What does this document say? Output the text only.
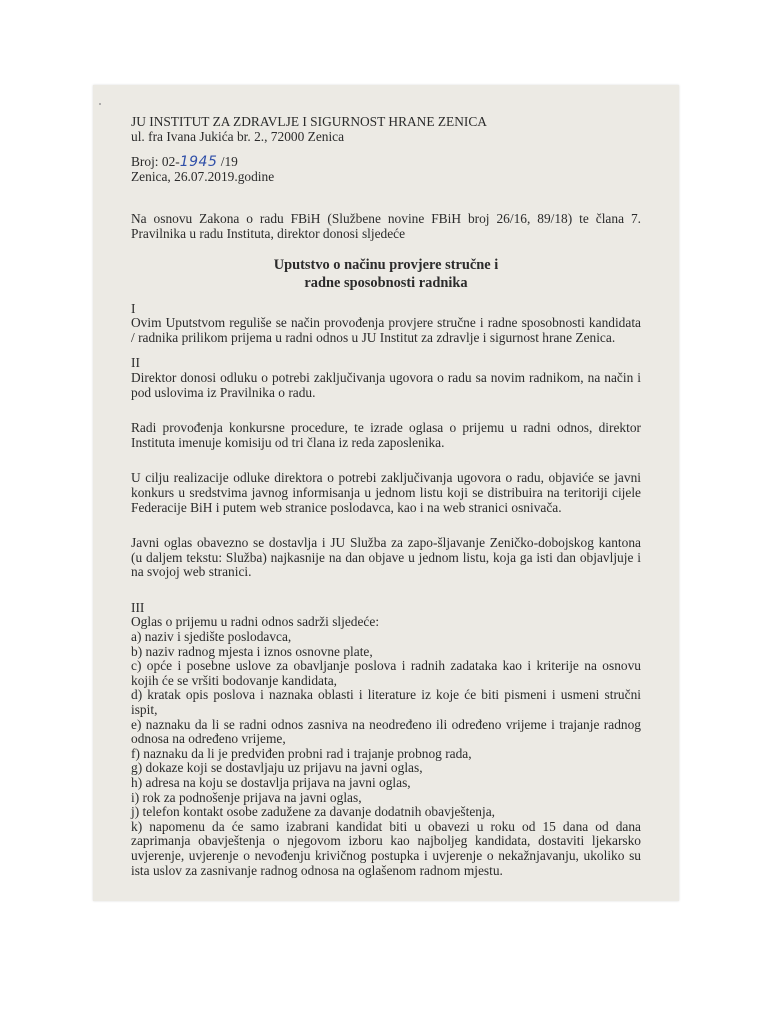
JU INSTITUT ZA ZDRAVLJE I SIGURNOST HRANE ZENICA
ul. fra Ivana Jukića br. 2., 72000 Zenica
Broj: 02-1945 /19
Zenica, 26.07.2019.godine
Na osnovu Zakona o radu FBiH (Službene novine FBiH broj 26/16, 89/18) te člana 7.
Pravilnika u radu Instituta, direktor donosi sljedeće
Uputstvo o načinu provjere stručne i
radne sposobnosti radnika
I
Ovim Uputstvom reguliše se način provođenja provjere stručne i radne sposobnosti kandidata
/ radnika prilikom prijema u radni odnos u JU Institut za zdravlje i sigurnost hrane Zenica.
II
Direktor donosi odluku o potrebi zaključivanja ugovora o radu sa novim radnikom, na način i
pod uslovima iz Pravilnika o radu.
Radi provođenja konkursne procedure, te izrade oglasa o prijemu u radni odnos, direktor
Instituta imenuje komisiju od tri člana iz reda zaposlenika.
U cilju realizacije odluke direktora o potrebi zaključivanja ugovora o radu, objaviće se javni
konkurs u sredstvima javnog informisanja u jednom listu koji se distribuira na teritoriji cijele
Federacije BiH i putem web stranice poslodavca, kao i na web stranici osnivača.
Javni oglas obavezno se dostavlja i JU Služba za zapo-šljavanje Zeničko-dobojskog kantona
(u daljem tekstu: Služba) najkasnije na dan objave u jednom listu, koja ga isti dan objavljuje i
na svojoj web stranici.
III
Oglas o prijemu u radni odnos sadrži sljedeće:
a) naziv i sjedište poslodavca,
b) naziv radnog mjesta i iznos osnovne plate,
c) opće i posebne uslove za obavljanje poslova i radnih zadataka kao i kriterije na osnovu
kojih će se vršiti bodovanje kandidata,
d) kratak opis poslova i naznaka oblasti i literature iz koje će biti pismeni i usmeni stručni
ispit,
e) naznaku da li se radni odnos zasniva na neodređeno ili određeno vrijeme i trajanje radnog
odnosa na određeno vrijeme,
f) naznaku da li je predviđen probni rad i trajanje probnog rada,
g) dokaze koji se dostavljaju uz prijavu na javni oglas,
h) adresa na koju se dostavlja prijava na javni oglas,
i) rok za podnošenje prijava na javni oglas,
j) telefon kontakt osobe zadužene za davanje dodatnih obavještenja,
k) napomenu da će samo izabrani kandidat biti u obavezi u roku od 15 dana od dana
zaprimanja obavještenja o njegovom izboru kao najboljeg kandidata, dostaviti ljekarsko
uvjerenje, uvjerenje o nevođenju krivičnog postupka i uvjerenje o nekažnjavanju, ukoliko su
ista uslov za zasnivanje radnog odnosa na oglašenom radnom mjestu.
